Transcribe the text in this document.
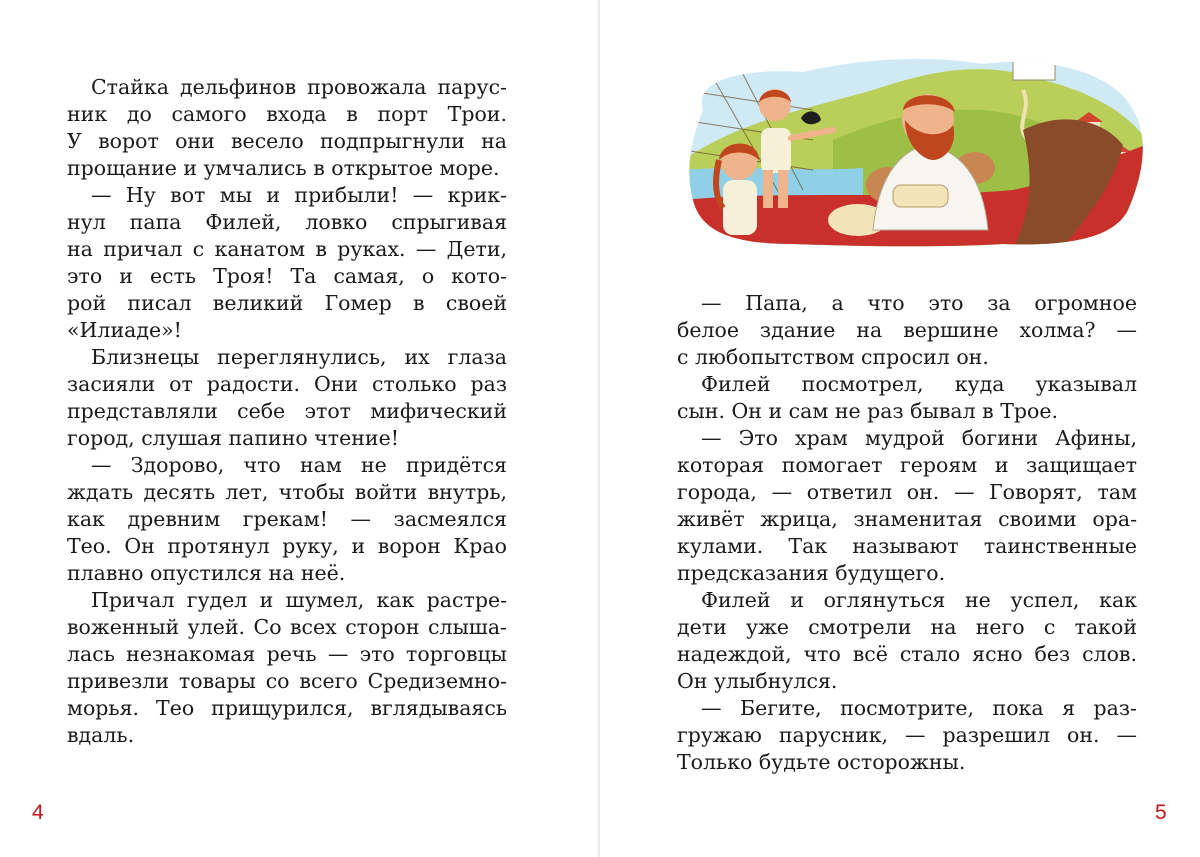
Стайка дельфинов провожала парус-
ник до самого входа в порт Трои.
У ворот они весело подпрыгнули на
прощание и умчались в открытое море.

— Ну вот мы и прибыли! — крик-
нул папа Филей, ловко спрыгивая
на причал с канатом в руках. — Дети,
это и есть Троя! Та самая, о кото-
рой писал великий Гомер в своей
«Илиаде»!

Близнецы переглянулись, их глаза
засияли от радости. Они столько раз
представляли себе этот мифический
город, слушая папино чтение!

— Здорово, что нам не придётся
ждать десять лет, чтобы войти внутрь,
как древним грекам! — засмеялся
Тео. Он протянул руку, и ворон Крао
плавно опустился на неё.

Причал гудел и шумел, как растре-
воженный улей. Со всех сторон слыша-
лась незнакомая речь — это торговцы
привезли товары со всего Средиземно-
морья. Тео прищурился, вглядываясь
вдаль.

4

— Папа, а что это за огромное
белое здание на вершине холма? —
с любопытством спросил он.

Филей посмотрел, куда указывал
сын. Он и сам не раз бывал в Трое.

— Это храм мудрой богини Афины,
которая помогает героям и защищает
города, — ответил он. — Говорят, там
живёт жрица, знаменитая своими ора-
кулами. Так называют таинственные
предсказания будущего.

Филей и оглянуться не успел, как
дети уже смотрели на него с такой
надеждой, что всё стало ясно без слов.
Он улыбнулся.

— Бегите, посмотрите, пока я раз-
гружаю парусник, — разрешил он. —
Только будьте осторожны.

5
